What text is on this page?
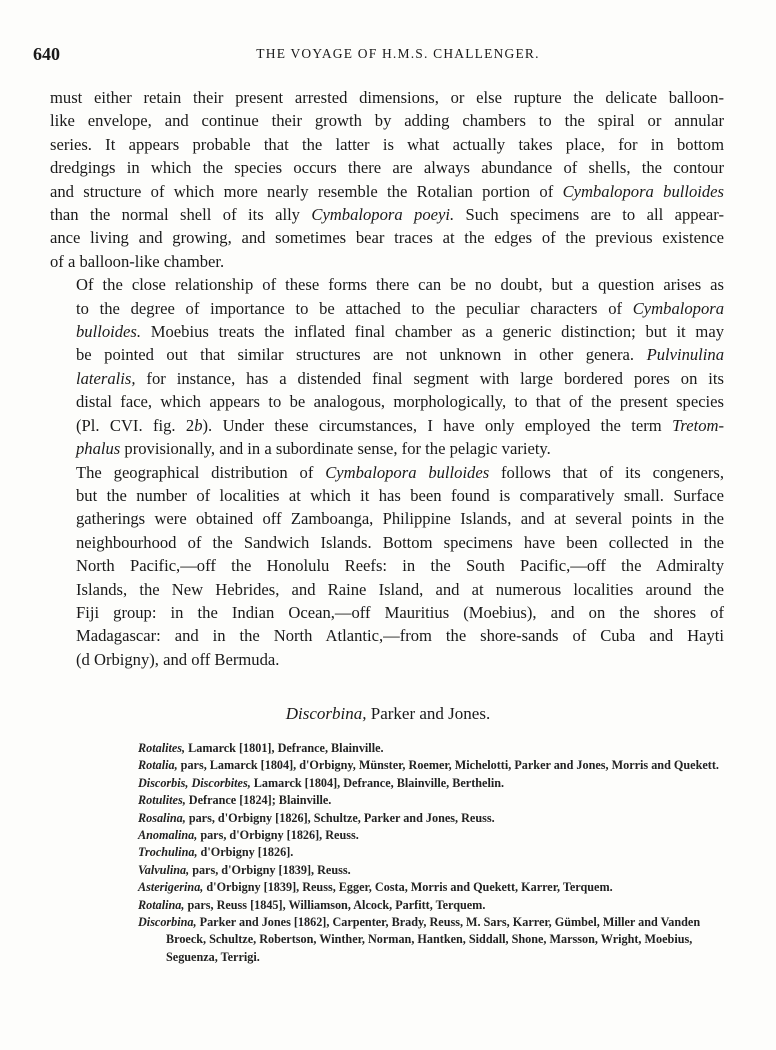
640	THE VOYAGE OF H.M.S. CHALLENGER.

must either retain their present arrested dimensions, or else rupture the delicate balloon-
like envelope, and continue their growth by adding chambers to the spiral or annular
series. It appears probable that the latter is what actually takes place, for in bottom
dredgings in which the species occurs there are always abundance of shells, the contour
and structure of which more nearly resemble the Rotalian portion of Cymbalopora bulloides
than the normal shell of its ally Cymbalopora poeyi. Such specimens are to all appear-
ance living and growing, and sometimes bear traces at the edges of the previous existence
of a balloon-like chamber.

Of the close relationship of these forms there can be no doubt, but a question arises as
to the degree of importance to be attached to the peculiar characters of Cymbalopora
bulloides. Moebius treats the inflated final chamber as a generic distinction; but it may
be pointed out that similar structures are not unknown in other genera. Pulvinulina
lateralis, for instance, has a distended final segment with large bordered pores on its
distal face, which appears to be analogous, morphologically, to that of the present species
(Pl. CVI. fig. 2b). Under these circumstances, I have only employed the term Tretom-
phalus provisionally, and in a subordinate sense, for the pelagic variety.

The geographical distribution of Cymbalopora bulloides follows that of its congeners,
but the number of localities at which it has been found is comparatively small. Surface
gatherings were obtained off Zamboanga, Philippine Islands, and at several points in the
neighbourhood of the Sandwich Islands. Bottom specimens have been collected in the
North Pacific,—off the Honolulu Reefs: in the South Pacific,—off the Admiralty
Islands, the New Hebrides, and Raine Island, and at numerous localities around the
Fiji group: in the Indian Ocean,—off Mauritius (Moebius), and on the shores of
Madagascar: and in the North Atlantic,—from the shore-sands of Cuba and Hayti
(d Orbigny), and off Bermuda.

Discorbina, Parker and Jones.
Rotalites, Lamarck [1801], Defrance, Blainville.
Rotalia, pars, Lamarck [1804], d'Orbigny, Münster, Roemer, Michelotti, Parker and Jones, Morris and Quekett.
Discorbis, Discorbites, Lamarck [1804], Defrance, Blainville, Berthelin.
Rotulites, Defrance [1824]; Blainville.
Rosalina, pars, d'Orbigny [1826], Schultze, Parker and Jones, Reuss.
Anomalina, pars, d'Orbigny [1826], Reuss.
Trochulina, d'Orbigny [1826].
Valvulina, pars, d'Orbigny [1839], Reuss.
Asterigerina, d'Orbigny [1839], Reuss, Egger, Costa, Morris and Quekett, Karrer, Terquem.
Rotalina, pars, Reuss [1845], Williamson, Alcock, Parfitt, Terquem.
Discorbina, Parker and Jones [1862], Carpenter, Brady, Reuss, M. Sars, Karrer, Gümbel, Miller and Vanden Broeck, Schultze, Robertson, Winther, Norman, Hantken, Siddall, Shone, Marsson, Wright, Moebius, Seguenza, Terrigi.
